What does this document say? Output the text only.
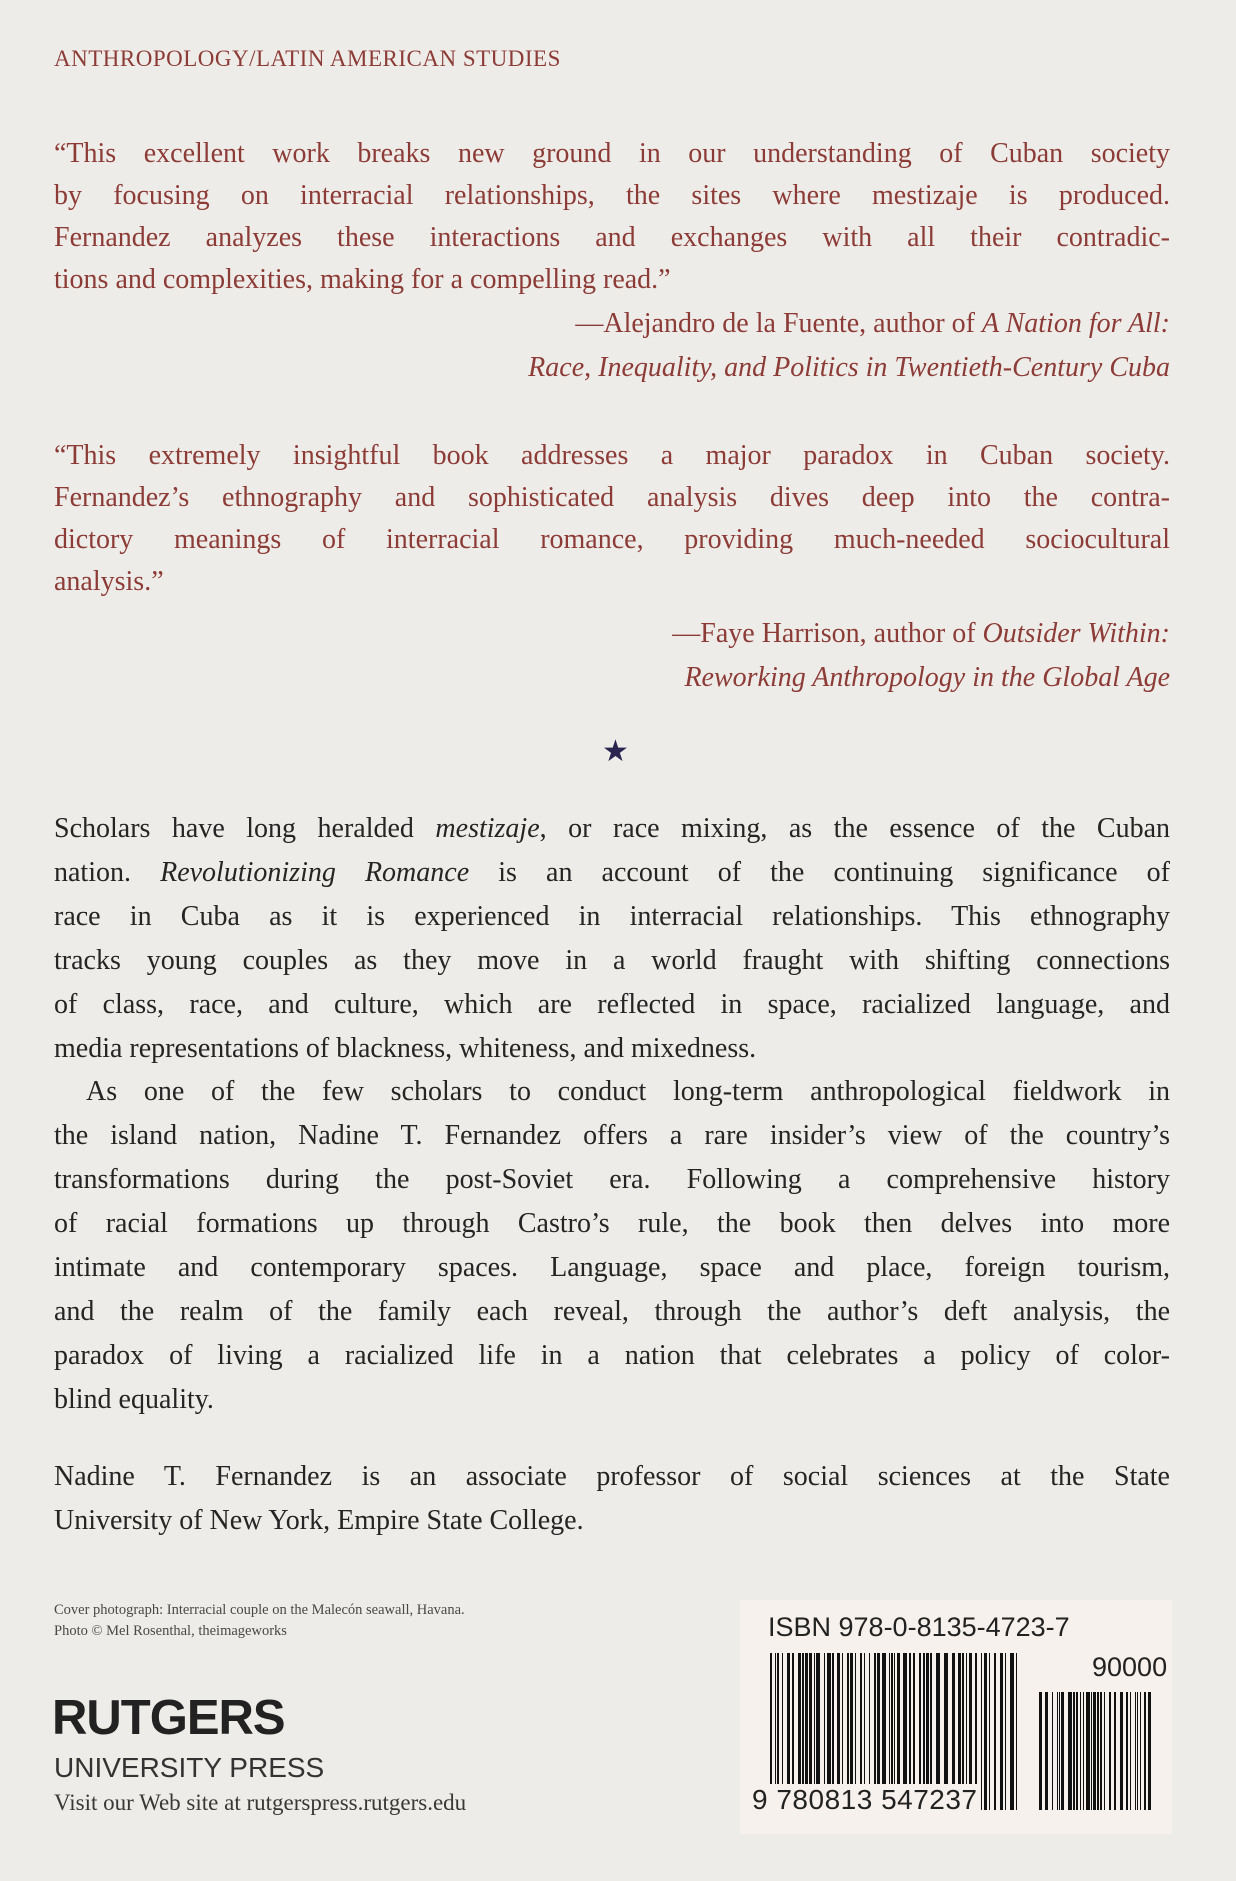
ANTHROPOLOGY/LATIN AMERICAN STUDIES
“This excellent work breaks new ground in our understanding of Cuban society
by focusing on interracial relationships, the sites where mestizaje is produced.
Fernandez analyzes these interactions and exchanges with all their contradic-
tions and complexities, making for a compelling read.”
—Alejandro de la Fuente, author of A Nation for All:
Race, Inequality, and Politics in Twentieth-Century Cuba
“This extremely insightful book addresses a major paradox in Cuban society.
Fernandez’s ethnography and sophisticated analysis dives deep into the contra-
dictory meanings of interracial romance, providing much-needed sociocultural
analysis.”
—Faye Harrison, author of Outsider Within:
Reworking Anthropology in the Global Age
★
Scholars have long heralded mestizaje, or race mixing, as the essence of the Cuban
nation. Revolutionizing Romance is an account of the continuing significance of
race in Cuba as it is experienced in interracial relationships. This ethnography
tracks young couples as they move in a world fraught with shifting connections
of class, race, and culture, which are reflected in space, racialized language, and
media representations of blackness, whiteness, and mixedness.
As one of the few scholars to conduct long-term anthropological fieldwork in
the island nation, Nadine T. Fernandez offers a rare insider’s view of the country’s
transformations during the post-Soviet era. Following a comprehensive history
of racial formations up through Castro’s rule, the book then delves into more
intimate and contemporary spaces. Language, space and place, foreign tourism,
and the realm of the family each reveal, through the author’s deft analysis, the
paradox of living a racialized life in a nation that celebrates a policy of color-
blind equality.
Nadine T. Fernandez is an associate professor of social sciences at the State
University of New York, Empire State College.
Cover photograph: Interracial couple on the Malecón seawall, Havana.
Photo © Mel Rosenthal, theimageworks
RUTGERS
UNIVERSITY PRESS
Visit our Web site at rutgerspress.rutgers.edu
ISBN 978-0-8135-4723-7
90000
9 780813 547237
